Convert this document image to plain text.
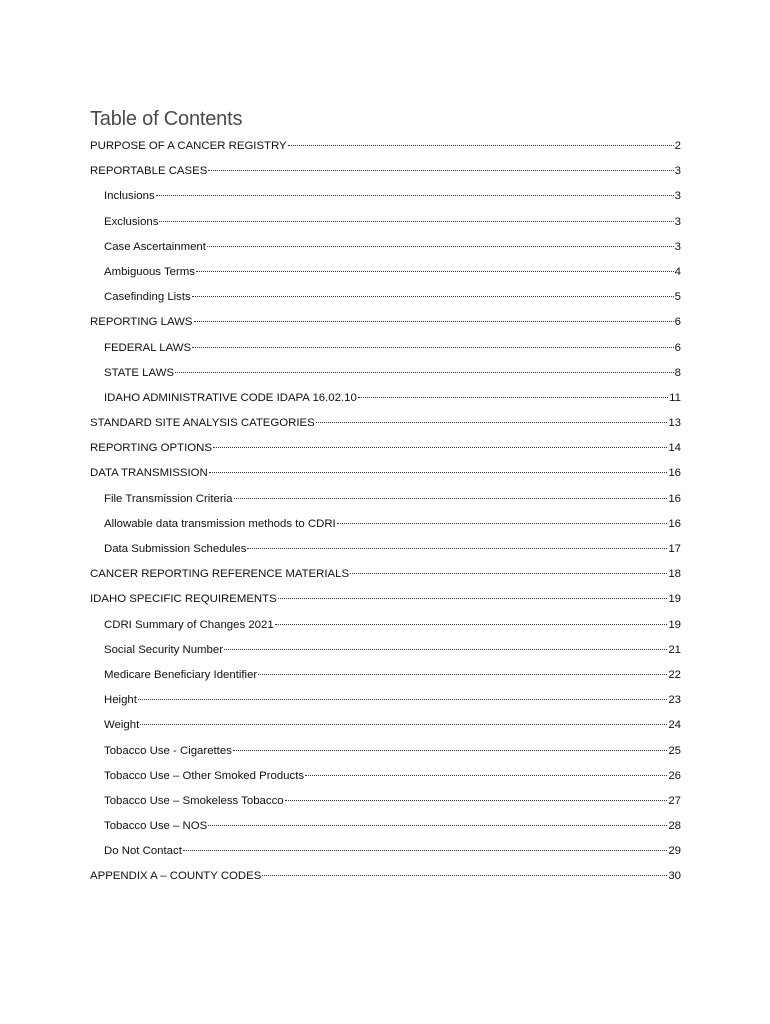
Table of Contents
PURPOSE OF A CANCER REGISTRY	2
REPORTABLE CASES	3
Inclusions	3
Exclusions	3
Case Ascertainment	3
Ambiguous Terms	4
Casefinding Lists	5
REPORTING LAWS	6
FEDERAL LAWS	6
STATE LAWS	8
IDAHO ADMINISTRATIVE CODE IDAPA 16.02.10	11
STANDARD SITE ANALYSIS CATEGORIES	13
REPORTING OPTIONS	14
DATA TRANSMISSION	16
File Transmission Criteria	16
Allowable data transmission methods to CDRI	16
Data Submission Schedules	17
CANCER REPORTING REFERENCE MATERIALS	18
IDAHO SPECIFIC REQUIREMENTS	19
CDRI Summary of Changes 2021	19
Social Security Number	21
Medicare Beneficiary Identifier	22
Height	23
Weight	24
Tobacco Use - Cigarettes	25
Tobacco Use – Other Smoked Products	26
Tobacco Use – Smokeless Tobacco	27
Tobacco Use – NOS	28
Do Not Contact	29
APPENDIX A – COUNTY CODES	30
